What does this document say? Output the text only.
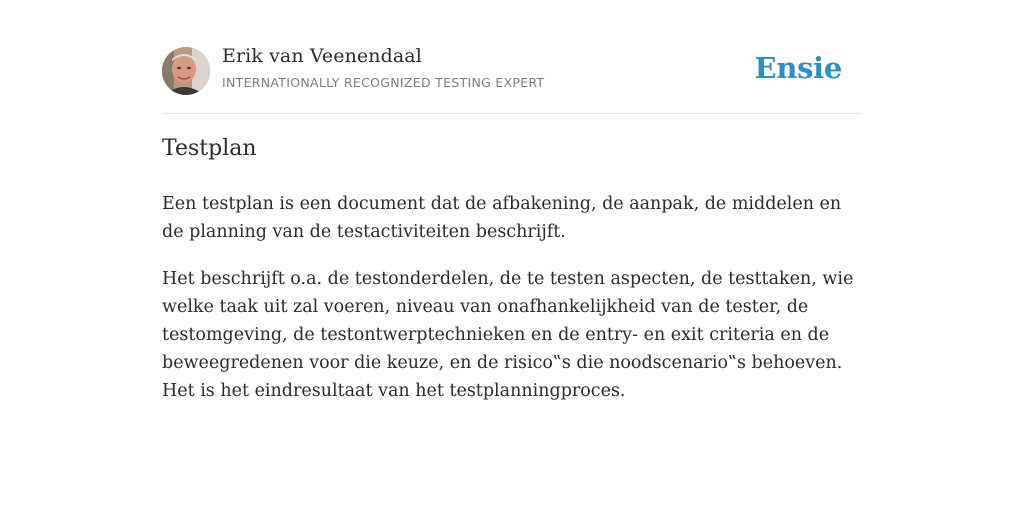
Erik van Veenendaal
INTERNATIONALLY RECOGNIZED TESTING EXPERT	Ensie
Testplan

Een testplan is een document dat de afbakening, de aanpak, de middelen en de planning van de testactiviteiten beschrijft.

Het beschrijft o.a. de testonderdelen, de te testen aspecten, de testtaken, wie welke taak uit zal voeren, niveau van onafhankelijkheid van de tester, de testomgeving, de testontwerptechnieken en de entry- en exit criteria en de beweegredenen voor die keuze, en de risico‟s die noodscenario‟s behoeven. Het is het eindresultaat van het testplanningproces.
